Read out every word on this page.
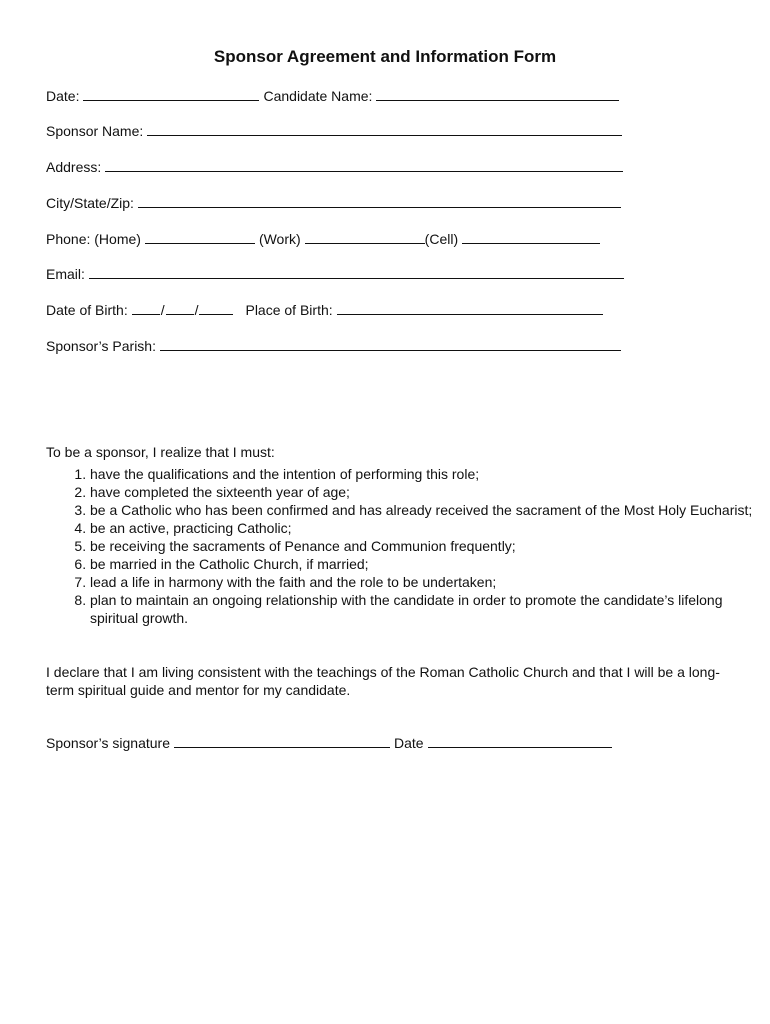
Sponsor Agreement and Information Form
Date:	Candidate Name:
Sponsor Name:
Address:
City/State/Zip:
Phone: (Home)	(Work)	(Cell)
Email:
Date of Birth: / /	Place of Birth:
Sponsor’s Parish:
To be a sponsor, I realize that I must:
1. have the qualifications and the intention of performing this role;
2. have completed the sixteenth year of age;
3. be a Catholic who has been confirmed and has already received the sacrament of the Most Holy Eucharist;
4. be an active, practicing Catholic;
5. be receiving the sacraments of Penance and Communion frequently;
6. be married in the Catholic Church, if married;
7. lead a life in harmony with the faith and the role to be undertaken;
8. plan to maintain an ongoing relationship with the candidate in order to promote the candidate’s lifelong spiritual growth.
I declare that I am living consistent with the teachings of the Roman Catholic Church and that I will be a long-term spiritual guide and mentor for my candidate.
Sponsor’s signature	Date
